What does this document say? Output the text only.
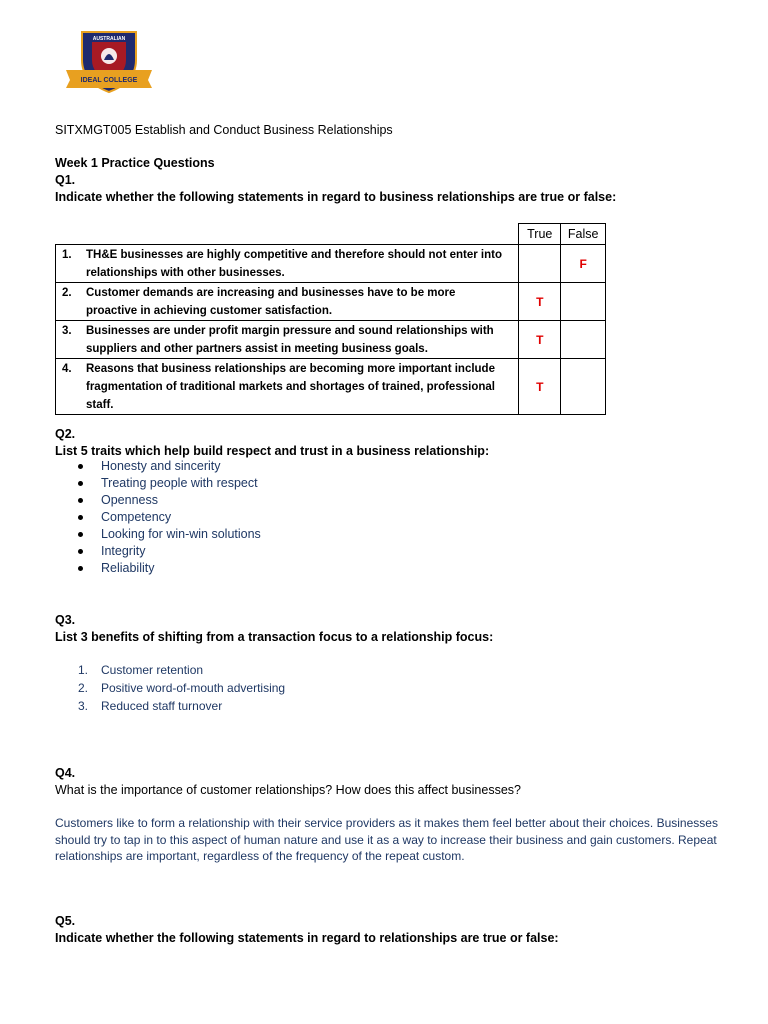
AUSTRALIAN
IDEAL COLLEGE
SITXMGT005 Establish and Conduct Business Relationships
Week 1 Practice Questions
Q1.
Indicate whether the following statements in regard to business relationships are true or false:
	True	False
1. TH&E businesses are highly competitive and therefore should not enter into relationships with other businesses.		F
2. Customer demands are increasing and businesses have to be more proactive in achieving customer satisfaction.	T	
3. Businesses are under profit margin pressure and sound relationships with suppliers and other partners assist in meeting business goals.	T	
4. Reasons that business relationships are becoming more important include fragmentation of traditional markets and shortages of trained, professional staff.	T	
Q2.
List 5 traits which help build respect and trust in a business relationship:
Honesty and sincerity
Treating people with respect
Openness
Competency
Looking for win-win solutions
Integrity
Reliability
Q3.
List 3 benefits of shifting from a transaction focus to a relationship focus:
1. Customer retention
2. Positive word-of-mouth advertising
3. Reduced staff turnover
Q4.
What is the importance of customer relationships? How does this affect businesses?
Customers like to form a relationship with their service providers as it makes them feel better about their choices. Businesses should try to tap in to this aspect of human nature and use it as a way to increase their business and gain customers. Repeat relationships are important, regardless of the frequency of the repeat custom.
Q5.
Indicate whether the following statements in regard to relationships are true or false:
